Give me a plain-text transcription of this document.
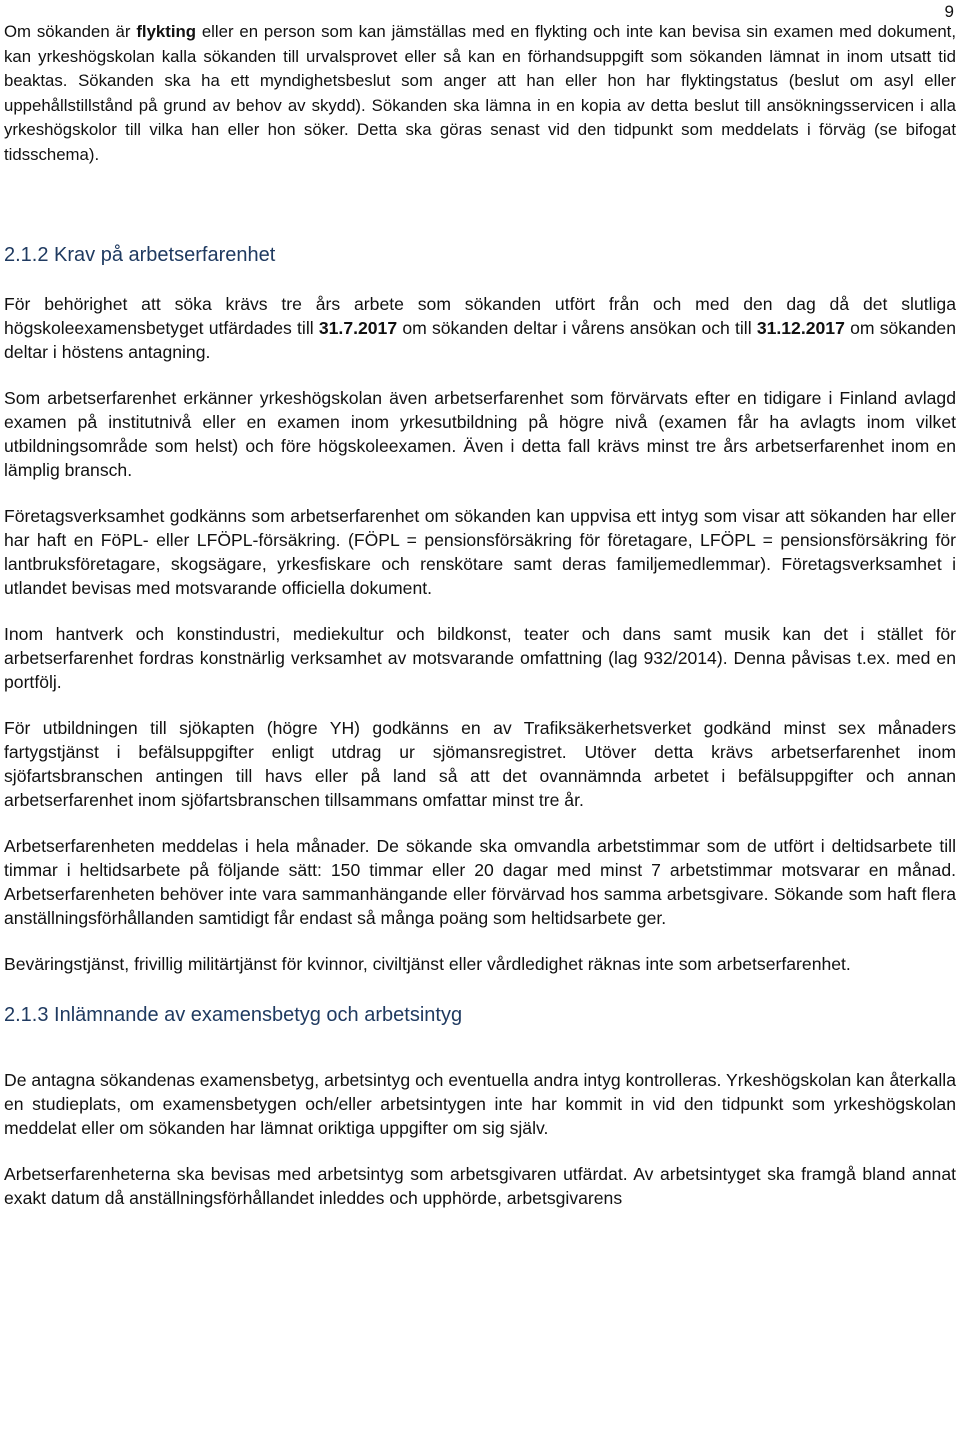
9

Om sökanden är flykting eller en person som kan jämställas med en flykting och inte kan bevisa sin examen med dokument, kan yrkeshögskolan kalla sökanden till urvalsprovet eller så kan en förhandsuppgift som sökanden lämnat in inom utsatt tid beaktas. Sökanden ska ha ett myndighetsbeslut som anger att han eller hon har flyktingstatus (beslut om asyl eller uppehållstillstånd på grund av behov av skydd). Sökanden ska lämna in en kopia av detta beslut till ansökningsservicen i alla yrkeshögskolor till vilka han eller hon söker. Detta ska göras senast vid den tidpunkt som meddelats i förväg (se bifogat tidsschema).

2.1.2 Krav på arbetserfarenhet

För behörighet att söka krävs tre års arbete som sökanden utfört från och med den dag då det slutliga högskoleexamensbetyget utfärdades till 31.7.2017 om sökanden deltar i vårens ansökan och till 31.12.2017 om sökanden deltar i höstens antagning.

Som arbetserfarenhet erkänner yrkeshögskolan även arbetserfarenhet som förvärvats efter en tidigare i Finland avlagd examen på institutnivå eller en examen inom yrkesutbildning på högre nivå (examen får ha avlagts inom vilket utbildningsområde som helst) och före högskoleexamen. Även i detta fall krävs minst tre års arbetserfarenhet inom en lämplig bransch.

Företagsverksamhet godkänns som arbetserfarenhet om sökanden kan uppvisa ett intyg som visar att sökanden har eller har haft en FöPL- eller LFÖPL-försäkring. (FÖPL = pensionsförsäkring för företagare, LFÖPL = pensionsförsäkring för lantbruksföretagare, skogsägare, yrkesfiskare och renskötare samt deras familjemedlemmar). Företagsverksamhet i utlandet bevisas med motsvarande officiella dokument.

Inom hantverk och konstindustri, mediekultur och bildkonst, teater och dans samt musik kan det i stället för arbetserfarenhet fordras konstnärlig verksamhet av motsvarande omfattning (lag 932/2014). Denna påvisas t.ex. med en portfölj.

För utbildningen till sjökapten (högre YH) godkänns en av Trafiksäkerhetsverket godkänd minst sex månaders fartygstjänst i befälsuppgifter enligt utdrag ur sjömansregistret. Utöver detta krävs arbetserfarenhet inom sjöfartsbranschen antingen till havs eller på land så att det ovannämnda arbetet i befälsuppgifter och annan arbetserfarenhet inom sjöfartsbranschen tillsammans omfattar minst tre år.

Arbetserfarenheten meddelas i hela månader. De sökande ska omvandla arbetstimmar som de utfört i deltidsarbete till timmar i heltidsarbete på följande sätt: 150 timmar eller 20 dagar med minst 7 arbetstimmar motsvarar en månad. Arbetserfarenheten behöver inte vara sammanhängande eller förvärvad hos samma arbetsgivare. Sökande som haft flera anställningsförhållanden samtidigt får endast så många poäng som heltidsarbete ger.

Beväringstjänst, frivillig militärtjänst för kvinnor, civiltjänst eller vårdledighet räknas inte som arbetserfarenhet.

2.1.3 Inlämnande av examensbetyg och arbetsintyg

De antagna sökandenas examensbetyg, arbetsintyg och eventuella andra intyg kontrolleras. Yrkeshögskolan kan återkalla en studieplats, om examensbetygen och/eller arbetsintygen inte har kommit in vid den tidpunkt som yrkeshögskolan meddelat eller om sökanden har lämnat oriktiga uppgifter om sig själv.

Arbetserfarenheterna ska bevisas med arbetsintyg som arbetsgivaren utfärdat. Av arbetsintyget ska framgå bland annat exakt datum då anställningsförhållandet inleddes och upphörde, arbetsgivarens
